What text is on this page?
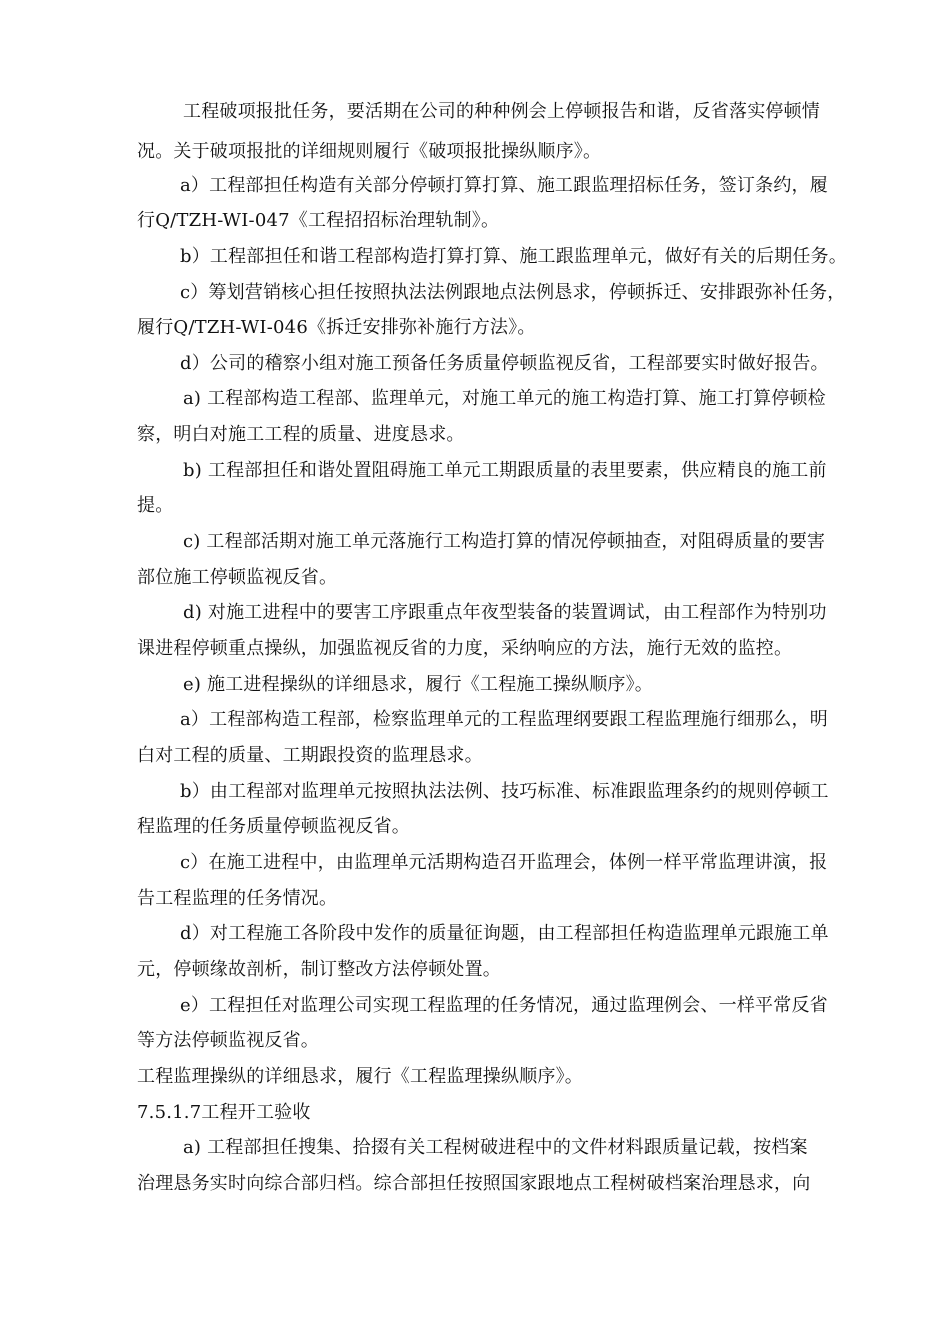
工程破项报批任务，要活期在公司的种种例会上停顿报告和谐，反省落实停顿情
况。关于破项报批的详细规则履行《破项报批操纵顺序》。
a）工程部担任构造有关部分停顿打算打算、施工跟监理招标任务，签订条约，履
行Q/TZH-WI-047《工程招招标治理轨制》。
b）工程部担任和谐工程部构造打算打算、施工跟监理单元，做好有关的后期任务。
c）筹划营销核心担任按照执法法例跟地点法例恳求，停顿拆迁、安排跟弥补任务，
履行Q/TZH-WI-046《拆迁安排弥补施行方法》。
d）公司的稽察小组对施工预备任务质量停顿监视反省，工程部要实时做好报告。
a) 工程部构造工程部、监理单元，对施工单元的施工构造打算、施工打算停顿检
察，明白对施工工程的质量、进度恳求。
b) 工程部担任和谐处置阻碍施工单元工期跟质量的表里要素，供应精良的施工前
提。
c) 工程部活期对施工单元落施行工构造打算的情况停顿抽查，对阻碍质量的要害
部位施工停顿监视反省。
d) 对施工进程中的要害工序跟重点年夜型装备的装置调试，由工程部作为特别功
课进程停顿重点操纵，加强监视反省的力度，采纳响应的方法，施行无效的监控。
e) 施工进程操纵的详细恳求，履行《工程施工操纵顺序》。
a）工程部构造工程部，检察监理单元的工程监理纲要跟工程监理施行细那么，明
白对工程的质量、工期跟投资的监理恳求。
b）由工程部对监理单元按照执法法例、技巧标准、标准跟监理条约的规则停顿工
程监理的任务质量停顿监视反省。
c）在施工进程中，由监理单元活期构造召开监理会，体例一样平常监理讲演，报
告工程监理的任务情况。
d）对工程施工各阶段中发作的质量征询题，由工程部担任构造监理单元跟施工单
元，停顿缘故剖析，制订整改方法停顿处置。
e）工程担任对监理公司实现工程监理的任务情况，通过监理例会、一样平常反省
等方法停顿监视反省。
工程监理操纵的详细恳求，履行《工程监理操纵顺序》。
7.5.1.7工程开工验收
a) 工程部担任搜集、拾掇有关工程树破进程中的文件材料跟质量记载，按档案
治理恳务实时向综合部归档。综合部担任按照国家跟地点工程树破档案治理恳求，向
